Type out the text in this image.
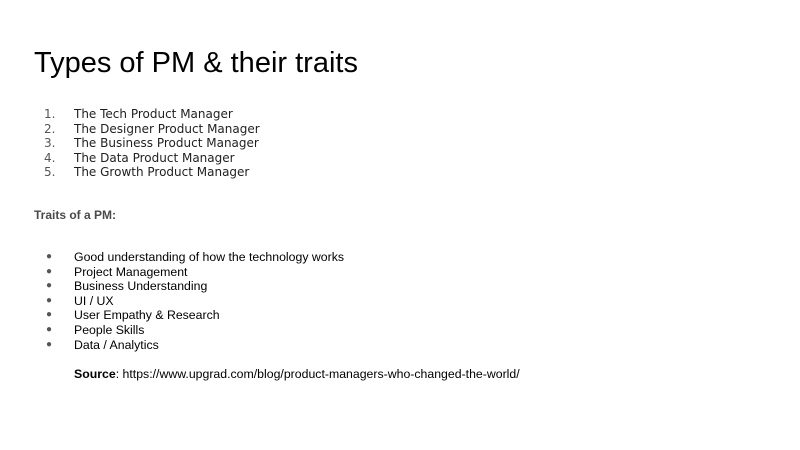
Types of PM & their traits
1. The Tech Product Manager
2. The Designer Product Manager
3. The Business Product Manager
4. The Data Product Manager
5. The Growth Product Manager
Traits of a PM:
● Good understanding of how the technology works
● Project Management
● Business Understanding
● UI / UX
● User Empathy & Research
● People Skills
● Data / Analytics
Source: https://www.upgrad.com/blog/product-managers-who-changed-the-world/
